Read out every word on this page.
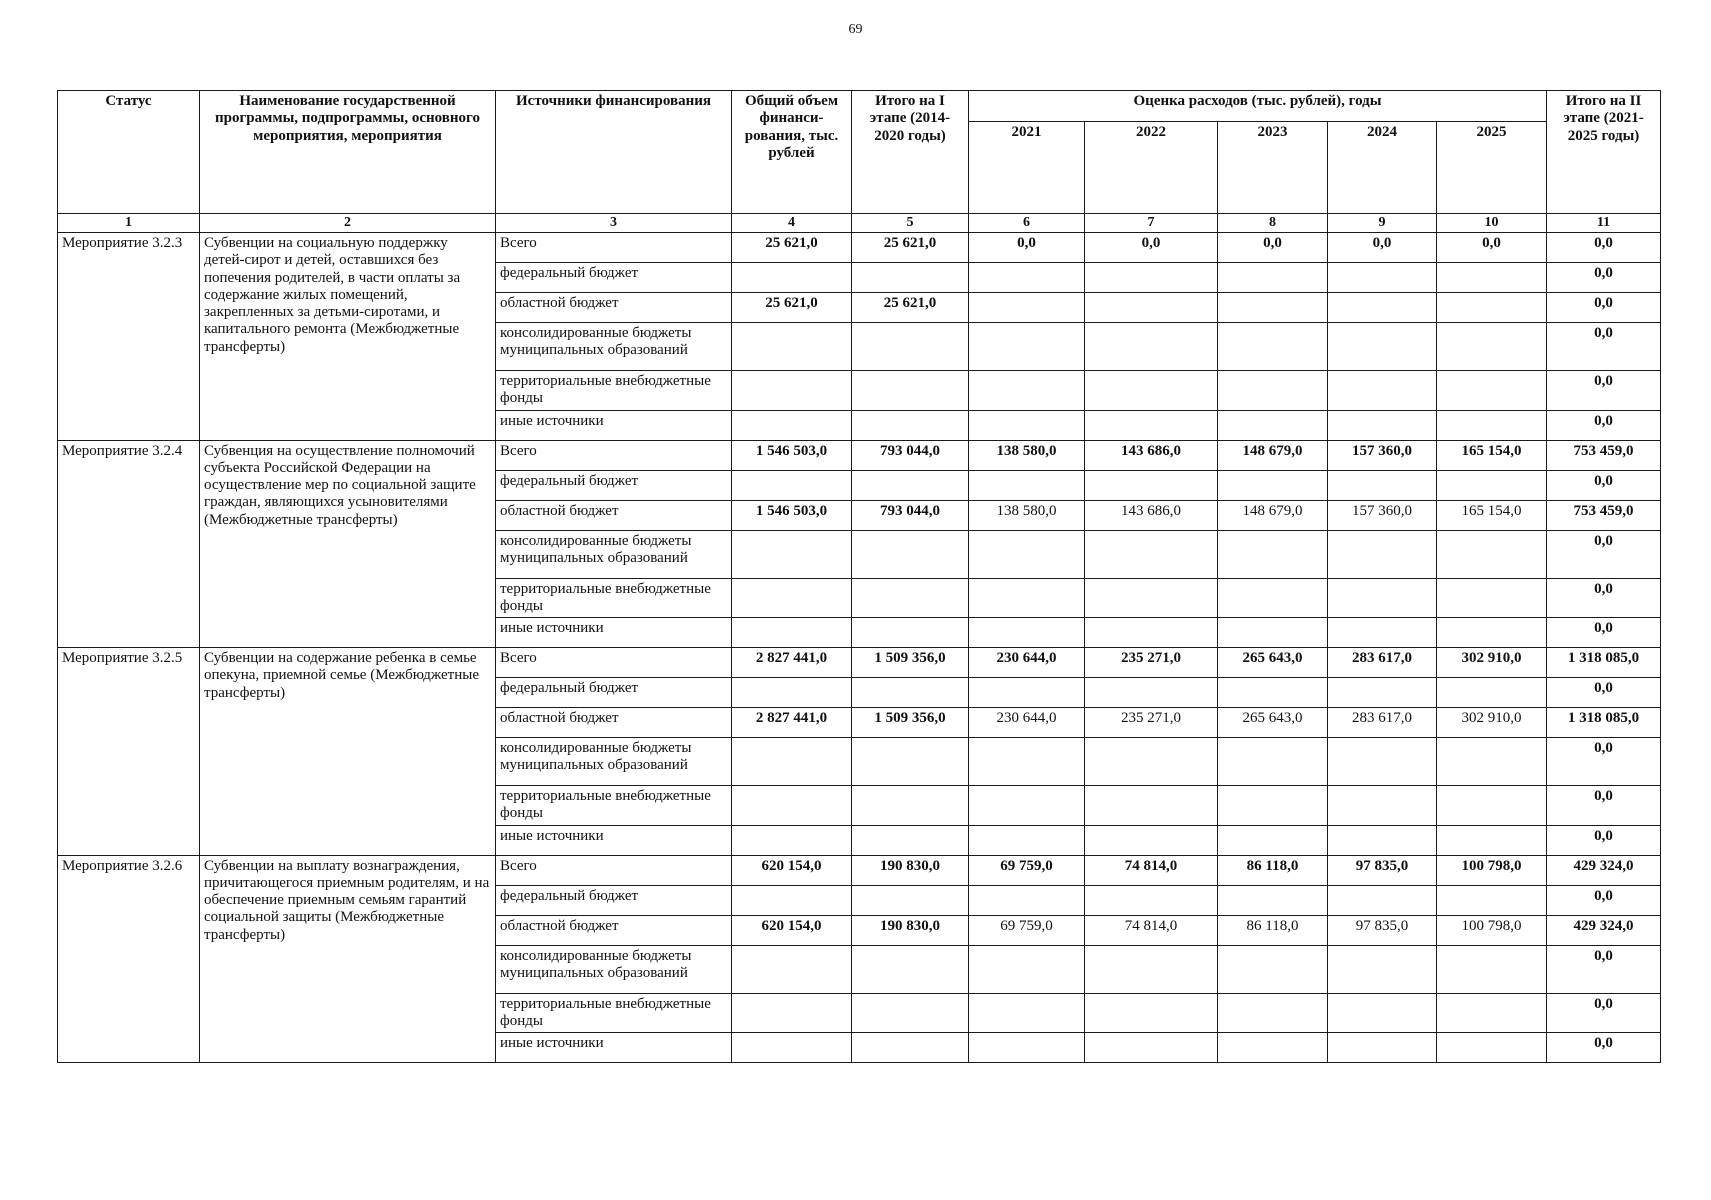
69
Статус	Наименование государственной программы, подпрограммы, основного мероприятия, мероприятия	Источники финансирования	Общий объем финанси-рования, тыс. рублей	Итого на I этапе (2014-2020 годы)	Оценка расходов (тыс. рублей), годы					Итого на II этапе (2021-2025 годы)
					2021	2022	2023	2024	2025	
1	2	3	4	5	6	7	8	9	10	11
Мероприятие 3.2.3	Субвенции на социальную поддержку детей-сирот и детей, оставшихся без попечения родителей, в части оплаты за содержание жилых помещений, закрепленных за детьми-сиротами, и капитального ремонта (Межбюджетные трансферты)	Всего	25 621,0	25 621,0	0,0	0,0	0,0	0,0	0,0	0,0
		федеральный бюджет								0,0
		областной бюджет	25 621,0	25 621,0						0,0
		консолидированные бюджеты муниципальных образований								0,0
		территориальные внебюджетные фонды								0,0
		иные источники								0,0
Мероприятие 3.2.4	Субвенция на осуществление полномочий субъекта Российской Федерации на осуществление мер по социальной защите граждан, являющихся усыновителями (Межбюджетные трансферты)	Всего	1 546 503,0	793 044,0	138 580,0	143 686,0	148 679,0	157 360,0	165 154,0	753 459,0
		федеральный бюджет								0,0
		областной бюджет	1 546 503,0	793 044,0	138 580,0	143 686,0	148 679,0	157 360,0	165 154,0	753 459,0
		консолидированные бюджеты муниципальных образований								0,0
		территориальные внебюджетные фонды								0,0
		иные источники								0,0
Мероприятие 3.2.5	Субвенции на содержание ребенка в семье опекуна, приемной семье (Межбюджетные трансферты)	Всего	2 827 441,0	1 509 356,0	230 644,0	235 271,0	265 643,0	283 617,0	302 910,0	1 318 085,0
		федеральный бюджет								0,0
		областной бюджет	2 827 441,0	1 509 356,0	230 644,0	235 271,0	265 643,0	283 617,0	302 910,0	1 318 085,0
		консолидированные бюджеты муниципальных образований								0,0
		территориальные внебюджетные фонды								0,0
		иные источники								0,0
Мероприятие 3.2.6	Субвенции на выплату вознаграждения, причитающегося приемным родителям, и на обеспечение приемным семьям гарантий социальной защиты (Межбюджетные трансферты)	Всего	620 154,0	190 830,0	69 759,0	74 814,0	86 118,0	97 835,0	100 798,0	429 324,0
		федеральный бюджет								0,0
		областной бюджет	620 154,0	190 830,0	69 759,0	74 814,0	86 118,0	97 835,0	100 798,0	429 324,0
		консолидированные бюджеты муниципальных образований								0,0
		территориальные внебюджетные фонды								0,0
		иные источники								0,0
